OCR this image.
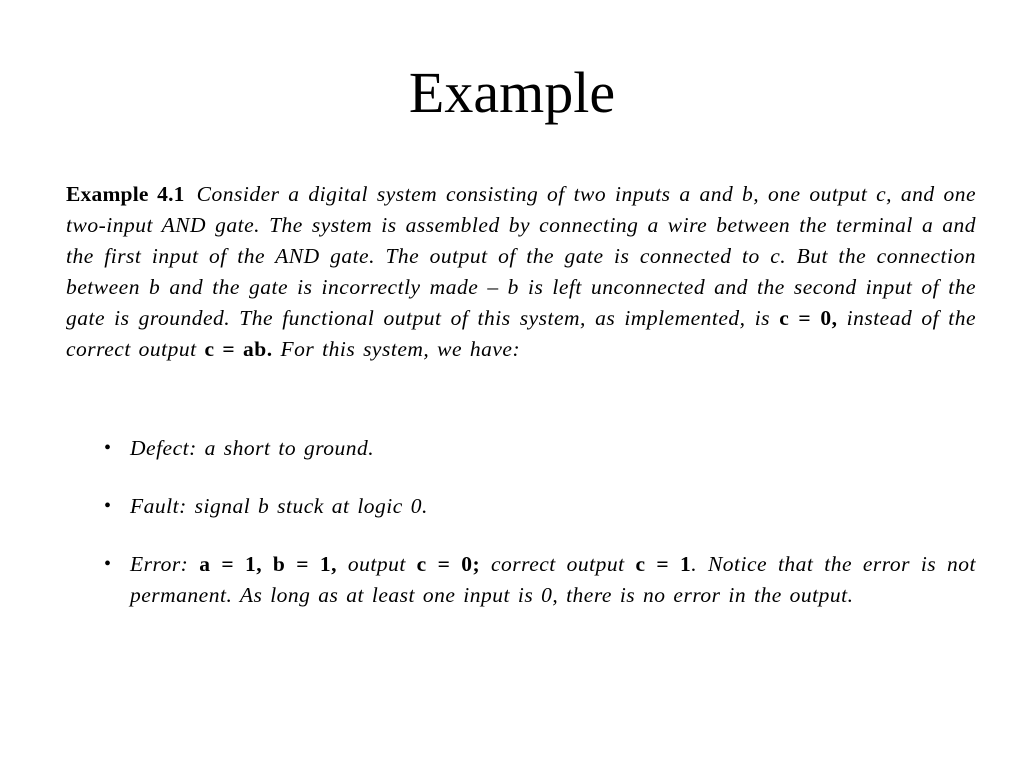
Example
Example 4.1 Consider a digital system consisting of two inputs a and b, one output c, and one two-input AND gate. The system is assembled by connecting a wire between the terminal a and the first input of the AND gate. The output of the gate is connected to c. But the connection between b and the gate is incorrectly made – b is left unconnected and the second input of the gate is grounded. The functional output of this system, as implemented, is c = 0, instead of the correct output c = ab. For this system, we have:
• Defect: a short to ground.
• Fault: signal b stuck at logic 0.
• Error: a = 1, b = 1, output c = 0; correct output c = 1. Notice that the error is not permanent. As long as at least one input is 0, there is no error in the output.
